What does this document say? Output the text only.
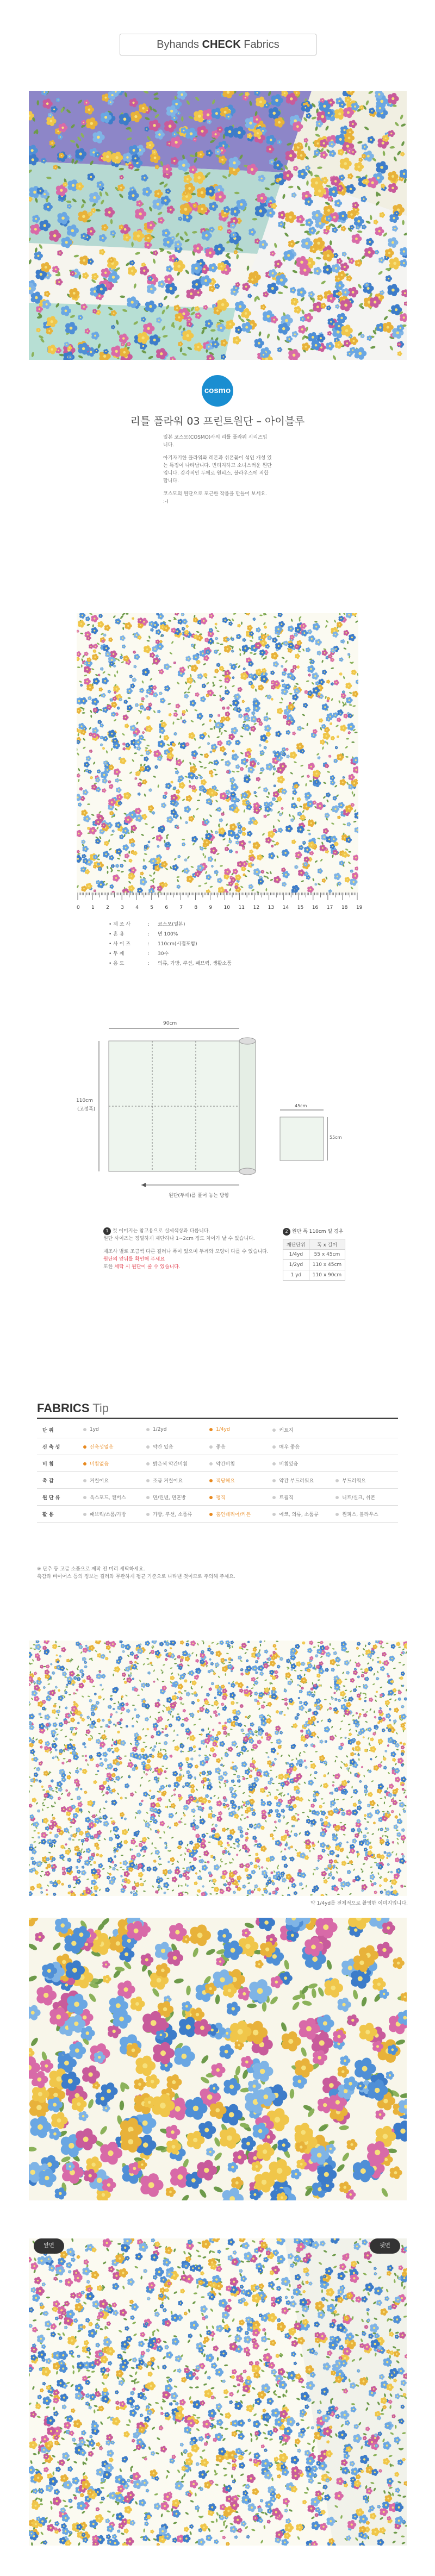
Byhands CHECK Fabrics
cosmo
리틀 플라워 03 프린트원단 – 아이블루
일본 코스모(COSMO)사의 리틀 플라워 시리즈입니다.
아기자기한 플라워와 레몬과 쉬폰꽃이 섞인 개성 있는 특징이 나타납니다. 빈티지하고 소녀스러운 원단입니다. 감각적인 두께로 원피스, 블라우스에 적합합니다.
코스모의 원단으로 포근한 작품을 만들어 보세요. :-)
0 1 2 3 4 5 6 7 8 9 10 11 12 13 14 15 16 17 18 19
• 제 조 사	:	코스모(일본)
• 혼 용	:	면 100%
• 사 이 즈	:	110cm(시접포함)
• 두 께	:	30수
• 용 도	:	의류, 가방, 쿠션, 패브릭, 생활소품
90cm
110cm
(고정폭)
원단(두께)를 풀어 놓는 방향
45cm
55cm
1 컷 이미지는 참고용으로 실제색상과 다릅니다.
원단 사이즈는 정밀하게 재단하나 1~2cm 정도 차이가 날 수 있습니다.
제조사 별로 조금씩 다른 컬러나 폭이 있으며 두께와 모양이 다를 수 있습니다.
원단의 앞뒤를 확인해 주세요
또한 세탁 시 원단이 줄 수 있습니다.
2 원단 폭 110cm 일 경우
재단단위	폭 x 길이
1/4yd	55 x 45cm
1/2yd	110 x 45cm
1 yd	110 x 90cm
FABRICS Tip
단 위	1yd	1/2yd	1/4yd	커트지	
신 축 성	신축성없음	약간 있음	좋음	매우 좋음	
비 침	비침없음	밝은색 약간비침	약간비침	비침있음	
촉 감	거칠어요	조금 거칠어요	적당해요	약간 부드러워요	부드러워요
원 단 류	옥스포드, 캔버스	면/린넨, 면혼방	평직	트윌직	니트/실크, 쉬폰
활 용	패브릭/소품/가방	가방, 쿠션, 소품류	홈인테리어/커튼	에코, 의류, 소품류	원피스, 블라우스
※ 단추 등 고급 소품으로 제작 전 미리 세탁하세요.
촉감과 바이어스 등의 정보는 컬러와 무관하게 평균 기준으로 나타낸 것이므로 주의해 주세요.
약 1/4yd를 전체적으로 촬영한 이미지입니다.
앞면	뒷면
